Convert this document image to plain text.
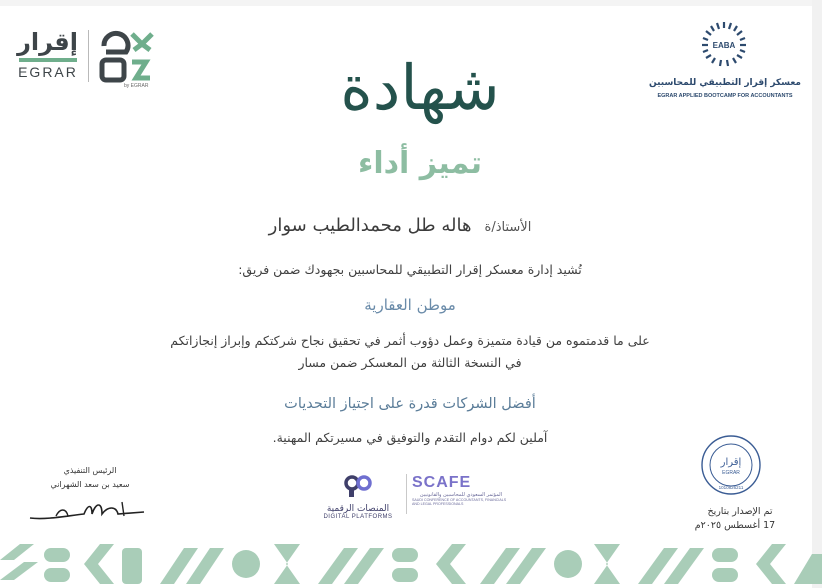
إقرار
EGRAR
by EGRAR
EABA
معسكر إقرار التطبيقي للمحاسبين
EGRAR APPLIED BOOTCAMP FOR ACCOUNTANTS
شهادة
تميز أداء
الأستاذ/ة هاله طل محمدالطيب سوار
تُشيد إدارة معسكر إقرار التطبيقي للمحاسبين بجهودك ضمن فريق:
موطن العقارية
على ما قدمتموه من قيادة متميزة وعمل دؤوب أثمر في تحقيق نجاح شركتكم وإبراز إنجازاتكم
في النسخة الثالثة من المعسكر ضمن مسار
أفضل الشركات قدرة على اجتياز التحديات
آملين لكم دوام التقدم والتوفيق في مسيرتكم المهنية.
الرئيس التنفيذي
سعيد بن سعد الشهراني
المنصات الرقمية
DIGITAL PLATFORMS
SCAFE
المؤتمر السعودي للمحاسبين والقانونيين
SAUDI CONFERENCE OF ACCOUNTANTS, FINANCIALS AND LEGAL PROFESSIONALS
إقرار
EGRAR
1010826211
تم الإصدار بتاريخ
17 أغسطس ٢٠٢٥م
